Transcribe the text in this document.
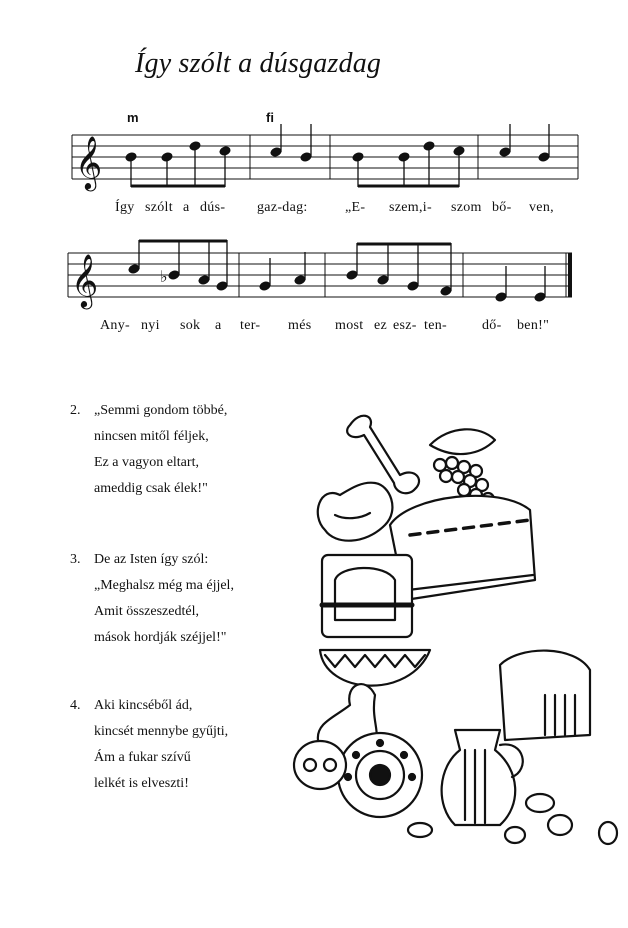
Így szólt a dúsgazdag
m	fi
𝄞
𝄞	♭
Így szólt a dús- gaz-dag:	„E- szem,i- szom bő- ven,
Any- nyi sok a ter- més most ez esz- ten-	dő- ben!"
2. „Semmi gondom többé,
nincsen mitől féljek,
Ez a vagyon eltart,
ameddig csak élek!"
3. De az Isten így szól:
„Meghalsz még ma éjjel,
Amit összeszedtél,
mások hordják széjjel!"
4. Aki kincséből ád,
kincsét mennybe gyűjti,
Ám a fukar szívű
lelkét is elveszti!
